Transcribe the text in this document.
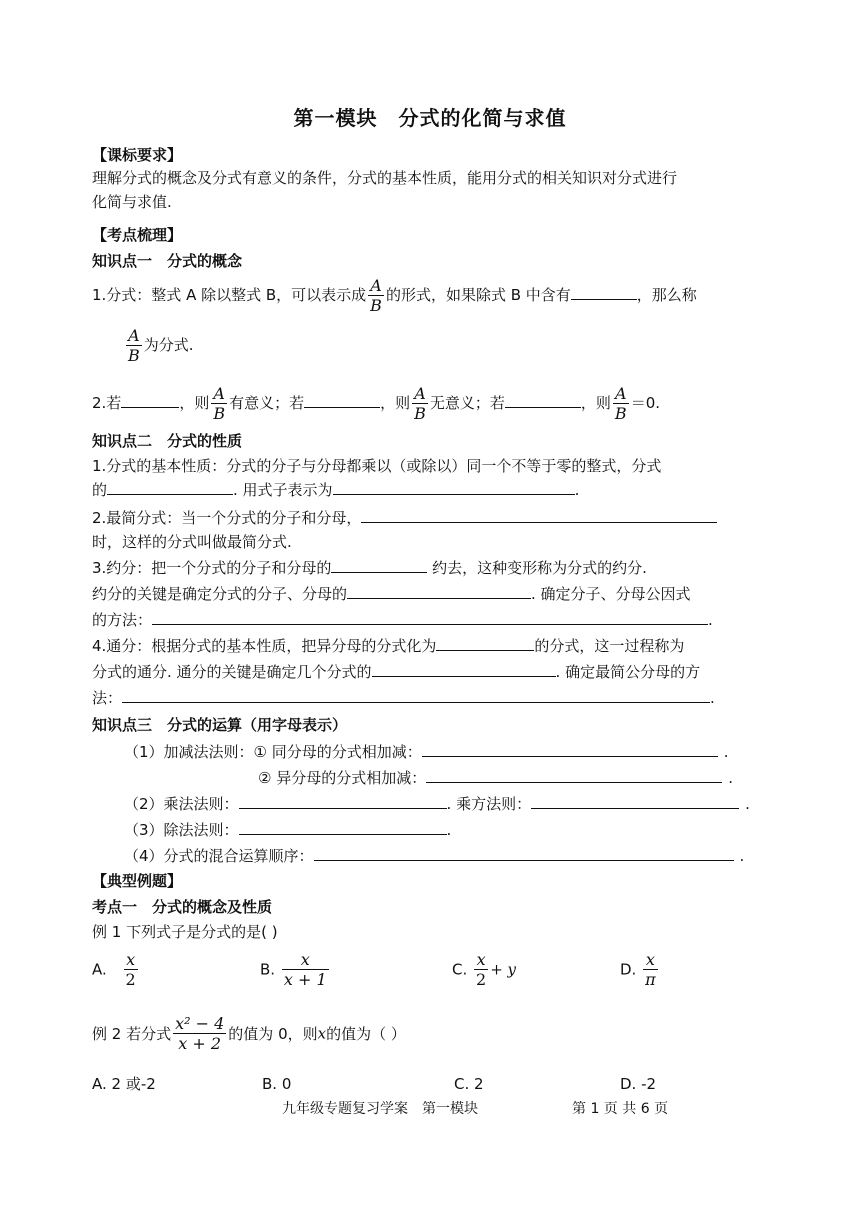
第一模块　分式的化简与求值
【课标要求】
理解分式的概念及分式有意义的条件，分式的基本性质，能用分式的相关知识对分式进行
化简与求值.
【考点梳理】
知识点一　分式的概念
1.分式：整式 A 除以整式 B，可以表示成 $\frac{A}{B}$ 的形式，如果除式 B 中含有	，那么称
$\frac{A}{B}$ 为分式.
2.若	，则 $\frac{A}{B}$ 有意义；若	，则 $\frac{A}{B}$ 无意义；若	，则 $\frac{A}{B} =0$.
知识点二　分式的性质
1.分式的基本性质：分式的分子与分母都乘以（或除以）同一个不等于零的整式，分式
的	. 用式子表示为	.
2.最简分式：当一个分式的分子和分母，
时，这样的分式叫做最简分式.
3.约分：把一个分式的分子和分母的	约去，这种变形称为分式的约分.
约分的关键是确定分式的分子、分母的	. 确定分子、分母公因式
的方法：	.
4.通分：根据分式的基本性质，把异分母的分式化为	的分式，这一过程称为
分式的通分. 通分的关键是确定几个分式的	. 确定最简公分母的方
法：	.
知识点三　分式的运算（用字母表示）
（1）加减法法则：① 同分母的分式相加减：	.
② 异分母的分式相加减：	.
（2）乘法法则：	. 乘方法则：	.
（3）除法法则：	.
（4）分式的混合运算顺序：	.
【典型例题】
考点一　分式的概念及性质
例 1 下列式子是分式的是( )
A. $\frac{x}{2}$	B. $\frac{x}{x + 1}$	C. $\frac{x}{2} + y$	D. $\frac{x}{\pi}$
例 2 若分式 $\frac{\text{x² − 4}}{x + 2}$ 的值为 0，则x的值为（ ）
A. 2 或-2	B. 0	C. 2	D. -2
九年级专题复习学案　第一模块	第 1 页 共 6 页
